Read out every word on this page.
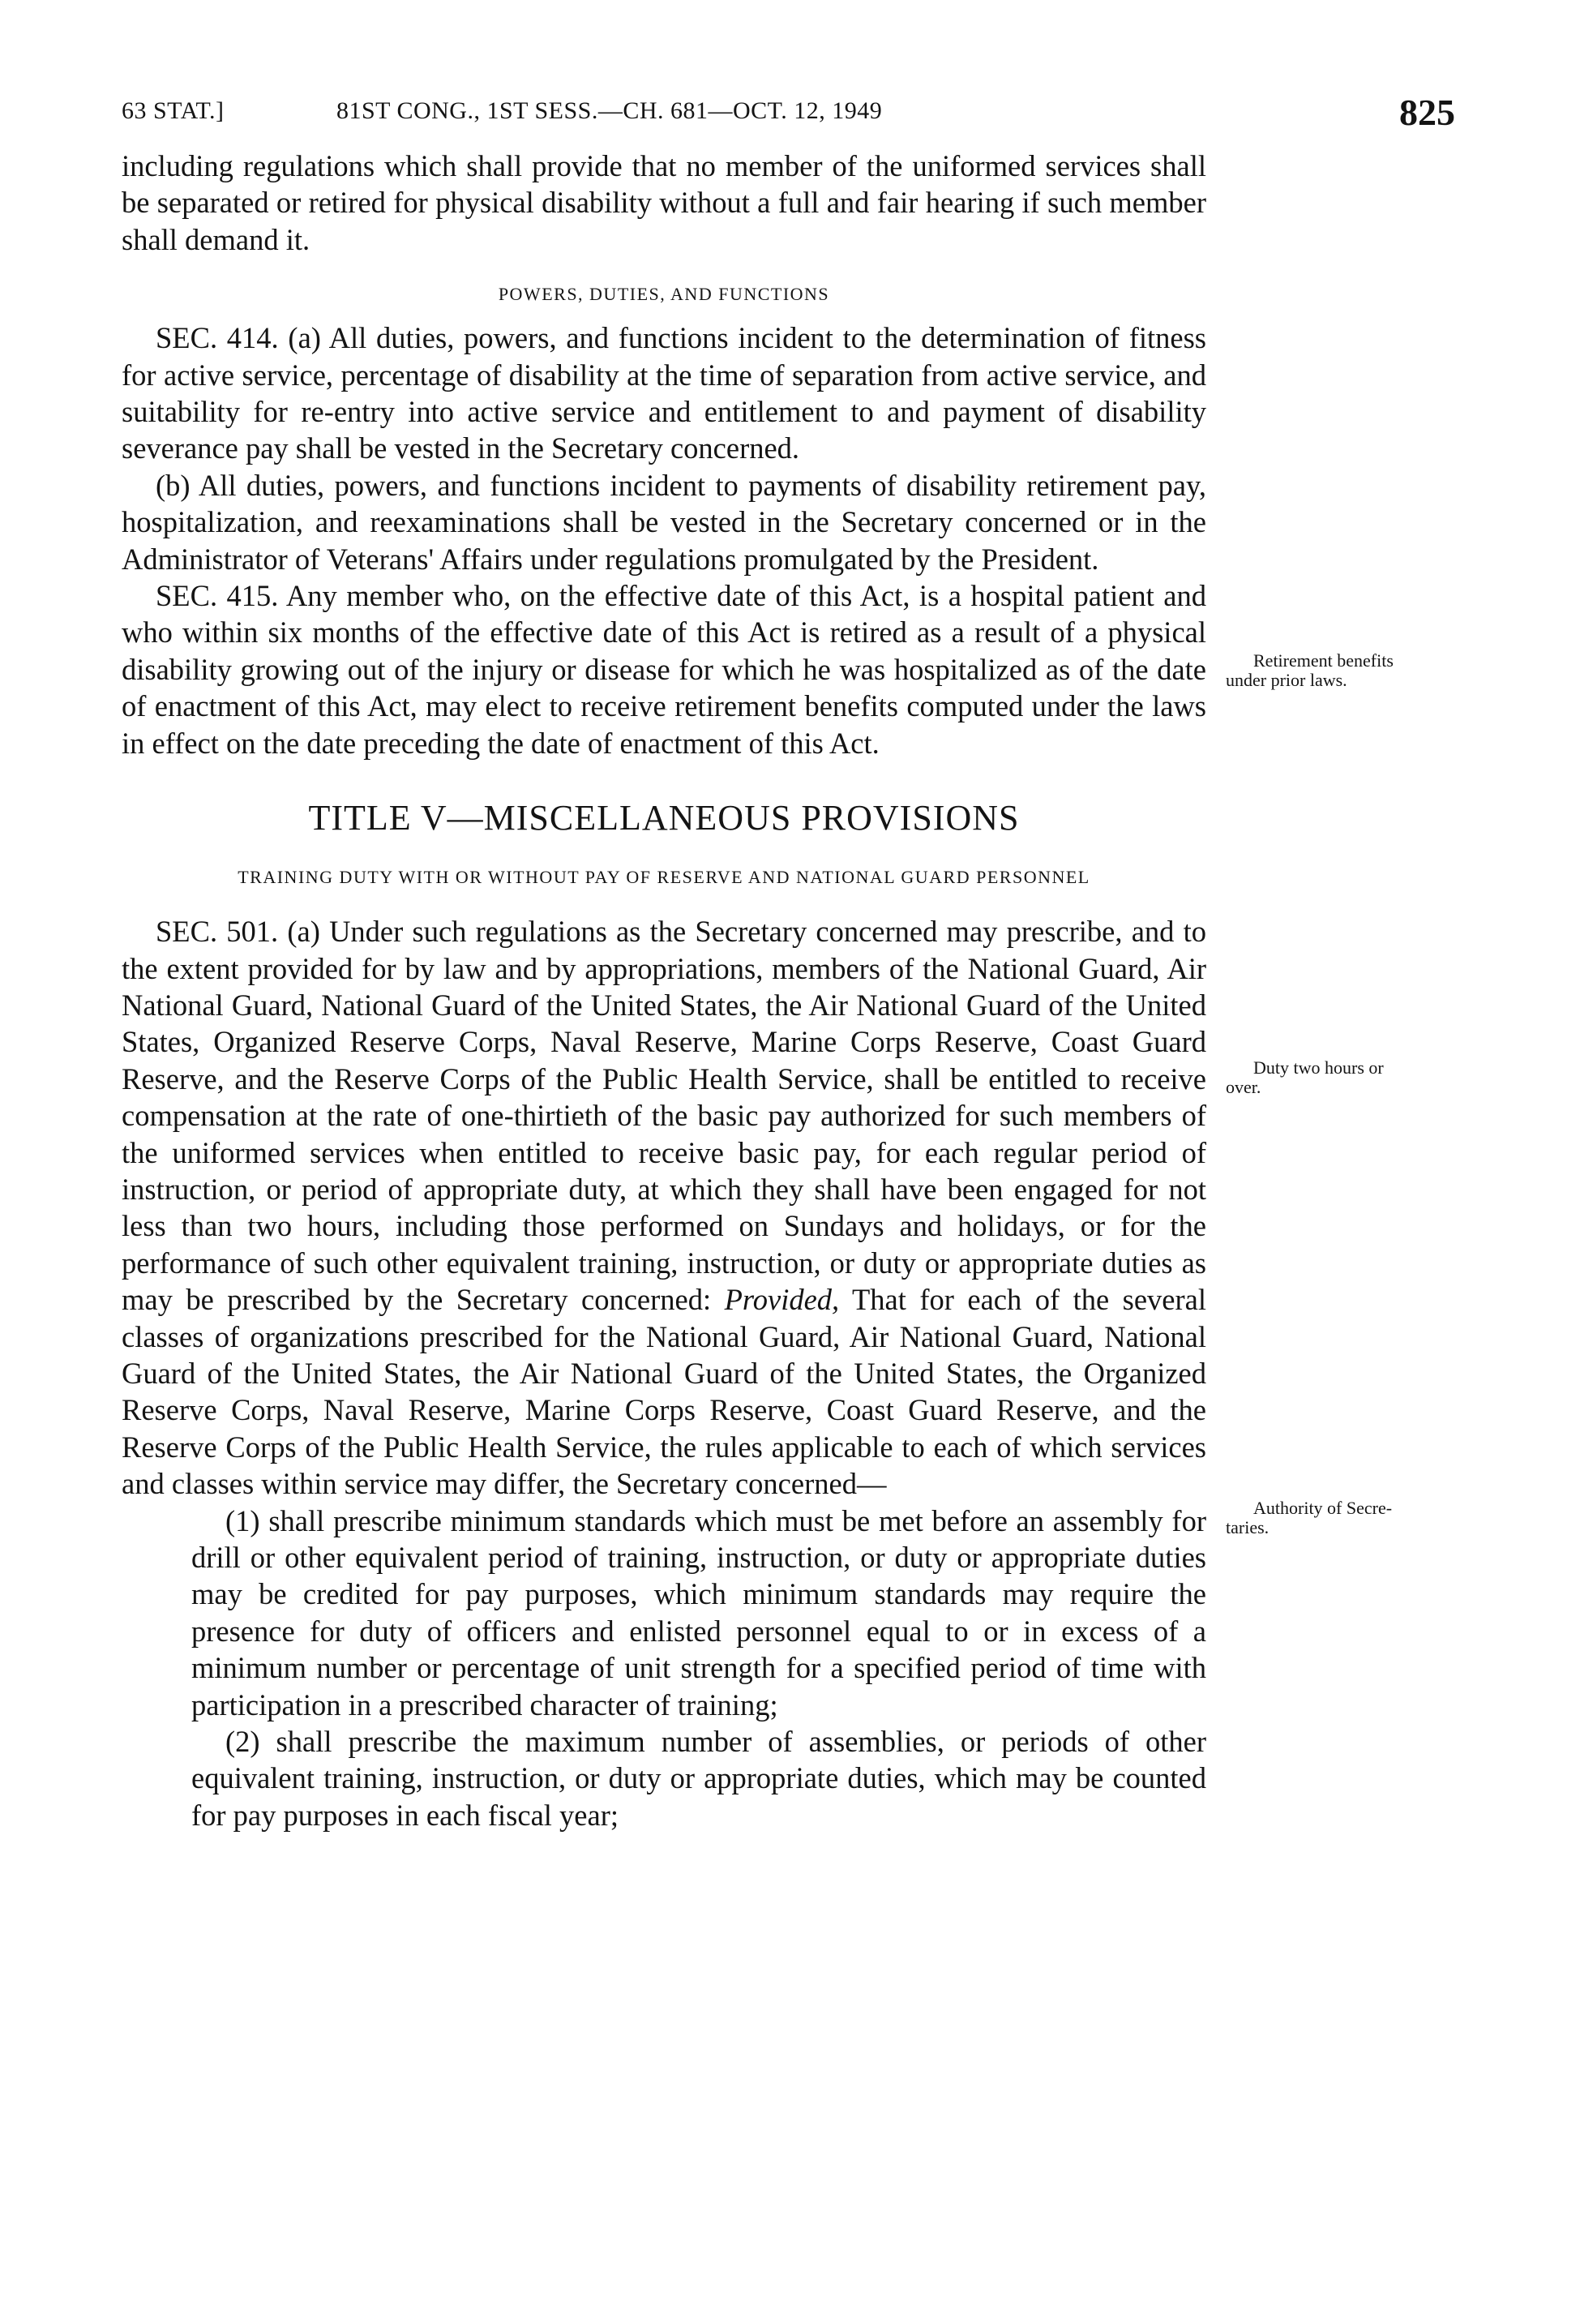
63 STAT.]	81ST CONG., 1ST SESS.—CH. 681—OCT. 12, 1949	825

including regulations which shall provide that no member of the uniformed services shall be separated or retired for physical disability without a full and fair hearing if such member shall demand it.

POWERS, DUTIES, AND FUNCTIONS

SEC. 414. (a) All duties, powers, and functions incident to the determination of fitness for active service, percentage of disability at the time of separation from active service, and suitability for re-entry into active service and entitlement to and payment of disability severance pay shall be vested in the Secretary concerned.

(b) All duties, powers, and functions incident to payments of disability retirement pay, hospitalization, and reexaminations shall be vested in the Secretary concerned or in the Administrator of Veterans' Affairs under regulations promulgated by the President.

SEC. 415. Any member who, on the effective date of this Act, is a hospital patient and who within six months of the effective date of this Act is retired as a result of a physical disability growing out of the injury or disease for which he was hospitalized as of the date of enactment of this Act, may elect to receive retirement benefits computed under the laws in effect on the date preceding the date of enactment of this Act.

TITLE V—MISCELLANEOUS PROVISIONS
TRAINING DUTY WITH OR WITHOUT PAY OF RESERVE AND NATIONAL GUARD PERSONNEL

SEC. 501. (a) Under such regulations as the Secretary concerned may prescribe, and to the extent provided for by law and by appropriations, members of the National Guard, Air National Guard, National Guard of the United States, the Air National Guard of the United States, Organized Reserve Corps, Naval Reserve, Marine Corps Reserve, Coast Guard Reserve, and the Reserve Corps of the Public Health Service, shall be entitled to receive compensation at the rate of one-thirtieth of the basic pay authorized for such members of the uniformed services when entitled to receive basic pay, for each regular period of instruction, or period of appropriate duty, at which they shall have been engaged for not less than two hours, including those performed on Sundays and holidays, or for the performance of such other equivalent training, instruction, or duty or appropriate duties as may be prescribed by the Secretary concerned: Provided, That for each of the several classes of organizations prescribed for the National Guard, Air National Guard, National Guard of the United States, the Air National Guard of the United States, the Organized Reserve Corps, Naval Reserve, Marine Corps Reserve, Coast Guard Reserve, and the Reserve Corps of the Public Health Service, the rules applicable to each of which services and classes within service may differ, the Secretary concerned—

(1) shall prescribe minimum standards which must be met before an assembly for drill or other equivalent period of training, instruction, or duty or appropriate duties may be credited for pay purposes, which minimum standards may require the presence for duty of officers and enlisted personnel equal to or in excess of a minimum number or percentage of unit strength for a specified period of time with participation in a prescribed character of training;

(2) shall prescribe the maximum number of assemblies, or periods of other equivalent training, instruction, or duty or appropriate duties, which may be counted for pay purposes in each fiscal year;

Retirement benefits
under prior laws.
Duty two hours or
over.
Authority of Secre-
taries.
